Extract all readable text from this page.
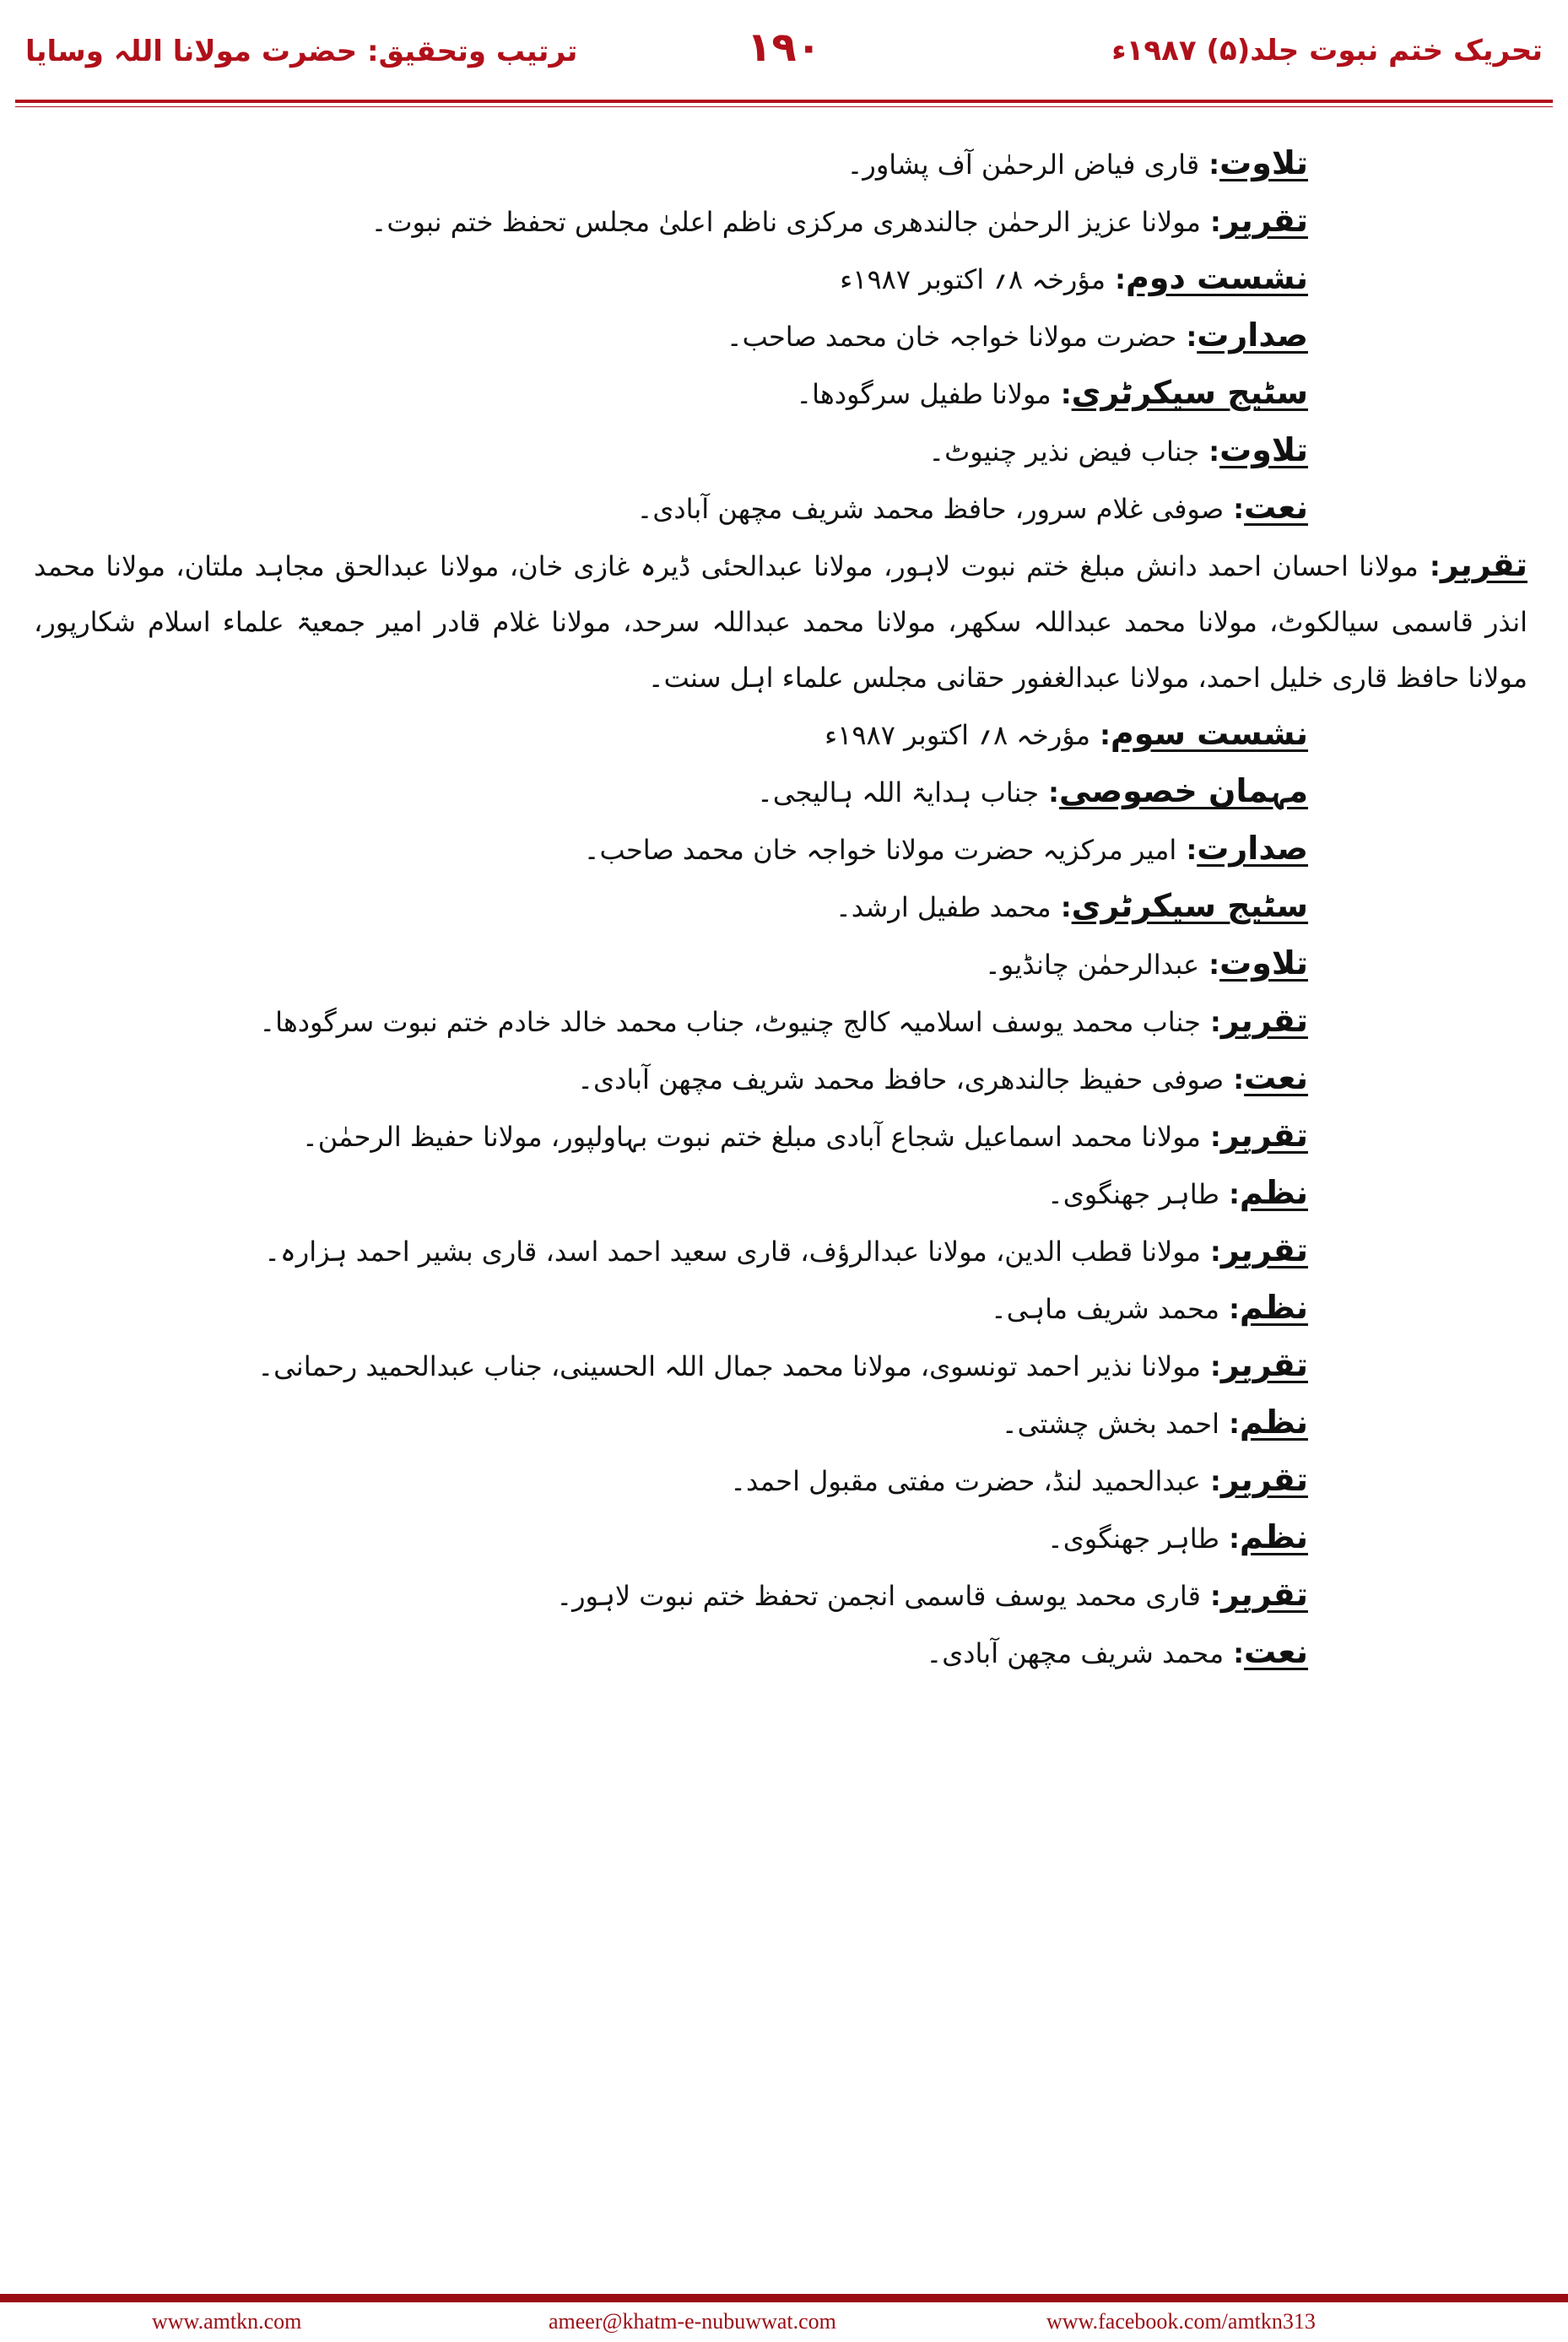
تحریک ختم نبوت جلد(۵) ۱۹۸۷ء
۱۹۰
ترتیب وتحقیق: حضرت مولانا اللہ وسایا
تلاوت: قاری فیاض الرحمٰن آف پشاور۔
تقریر: مولانا عزیز الرحمٰن جالندھری مرکزی ناظم اعلیٰ مجلس تحفظ ختم نبوت۔
نشست دوم: مؤرخہ ۸؍ اکتوبر ۱۹۸۷ء
صدارت: حضرت مولانا خواجہ خان محمد صاحب۔
سٹیج سیکرٹری: مولانا طفیل سرگودھا۔
تلاوت: جناب فیض نذیر چنیوٹ۔
نعت: صوفی غلام سرور، حافظ محمد شریف مچھن آبادی۔
تقریر: مولانا احسان احمد دانش مبلغ ختم نبوت لاہور، مولانا عبدالحئی ڈیرہ غازی خان، مولانا عبدالحق مجاہد ملتان، مولانا محمد انذر قاسمی سیالکوٹ، مولانا محمد عبداللہ سکھر، مولانا محمد عبداللہ سرحد، مولانا غلام قادر امیر جمعیۃ علماء اسلام شکارپور، مولانا حافظ قاری خلیل احمد، مولانا عبدالغفور حقانی مجلس علماء اہل سنت۔
نشست سوم: مؤرخہ ۸؍ اکتوبر ۱۹۸۷ء
مہمان خصوصی: جناب ہدایۃ اللہ ہالیجی۔
صدارت: امیر مرکزیہ حضرت مولانا خواجہ خان محمد صاحب۔
سٹیج سیکرٹری: محمد طفیل ارشد۔
تلاوت: عبدالرحمٰن چانڈیو۔
تقریر: جناب محمد یوسف اسلامیہ کالج چنیوٹ، جناب محمد خالد خادم ختم نبوت سرگودھا۔
نعت: صوفی حفیظ جالندھری، حافظ محمد شریف مچھن آبادی۔
تقریر: مولانا محمد اسماعیل شجاع آبادی مبلغ ختم نبوت بہاولپور، مولانا حفیظ الرحمٰن۔
نظم: طاہر جھنگوی۔
تقریر: مولانا قطب الدین، مولانا عبدالرؤف، قاری سعید احمد اسد، قاری بشیر احمد ہزارہ۔
نظم: محمد شریف ماہی۔
تقریر: مولانا نذیر احمد تونسوی، مولانا محمد جمال اللہ الحسینی، جناب عبدالحمید رحمانی۔
نظم: احمد بخش چشتی۔
تقریر: عبدالحمید لنڈ، حضرت مفتی مقبول احمد۔
نظم: طاہر جھنگوی۔
تقریر: قاری محمد یوسف قاسمی انجمن تحفظ ختم نبوت لاہور۔
نعت: محمد شریف مچھن آبادی۔
www.amtkn.com	ameer@khatm-e-nubuwwat.com	www.facebook.com/amtkn313
